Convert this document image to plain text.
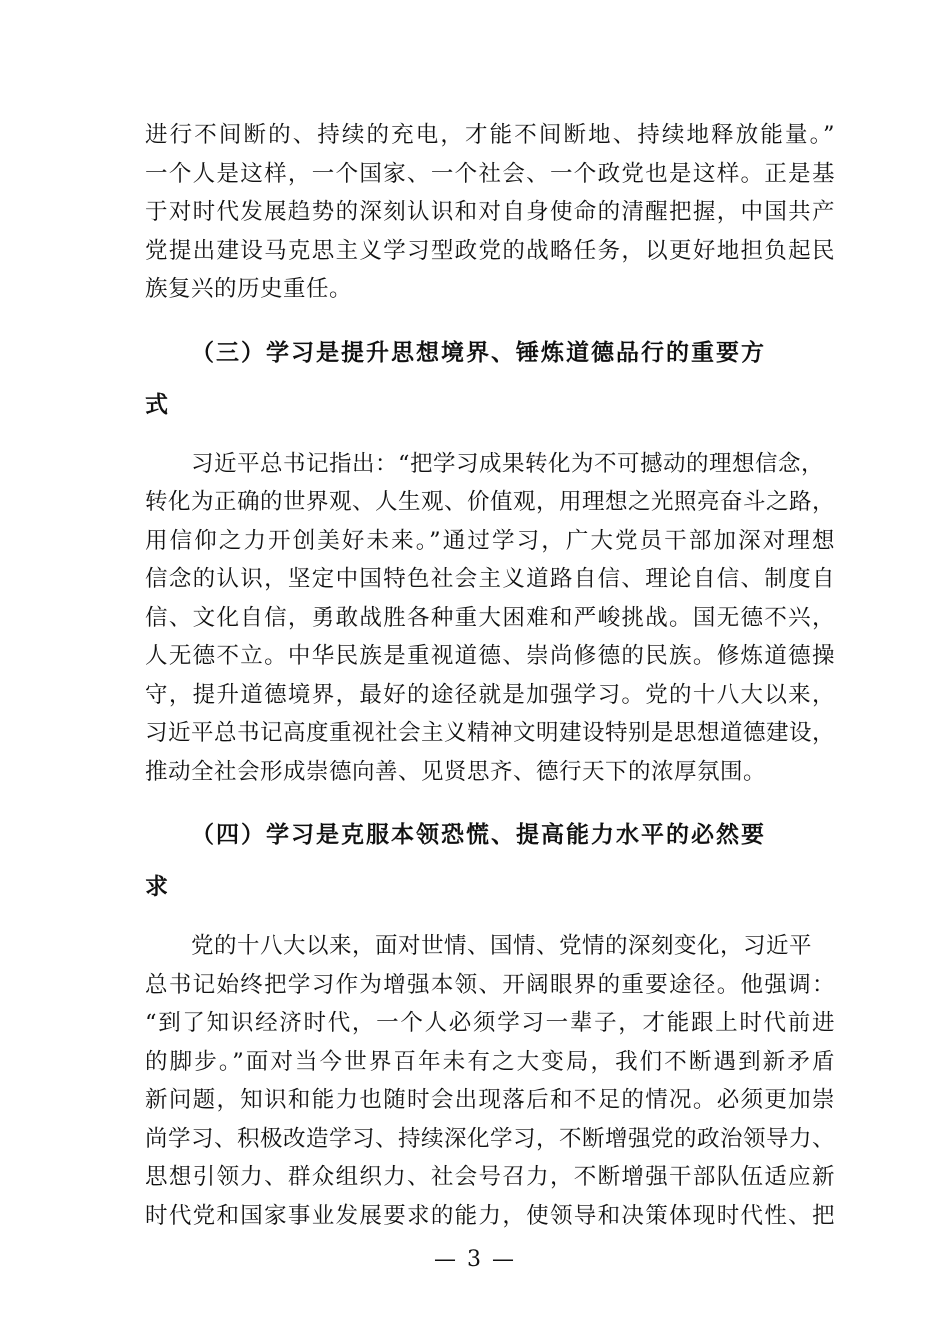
进行不间断的、持续的充电，才能不间断地、持续地释放能量。”
一个人是这样，一个国家、一个社会、一个政党也是这样。正是基
于对时代发展趋势的深刻认识和对自身使命的清醒把握，中国共产
党提出建设马克思主义学习型政党的战略任务，以更好地担负起民
族复兴的历史重任。
（三）学习是提升思想境界、锤炼道德品行的重要方
式
习近平总书记指出：“把学习成果转化为不可撼动的理想信念，
转化为正确的世界观、人生观、价值观，用理想之光照亮奋斗之路，
用信仰之力开创美好未来。”通过学习，广大党员干部加深对理想
信念的认识，坚定中国特色社会主义道路自信、理论自信、制度自
信、文化自信，勇敢战胜各种重大困难和严峻挑战。国无德不兴，
人无德不立。中华民族是重视道德、崇尚修德的民族。修炼道德操
守，提升道德境界，最好的途径就是加强学习。党的十八大以来，
习近平总书记高度重视社会主义精神文明建设特别是思想道德建设，
推动全社会形成崇德向善、见贤思齐、德行天下的浓厚氛围。
（四）学习是克服本领恐慌、提高能力水平的必然要
求
党的十八大以来，面对世情、国情、党情的深刻变化，习近平
总书记始终把学习作为增强本领、开阔眼界的重要途径。他强调：
“到了知识经济时代，一个人必须学习一辈子，才能跟上时代前进
的脚步。”面对当今世界百年未有之大变局，我们不断遇到新矛盾
新问题，知识和能力也随时会出现落后和不足的情况。必须更加崇
尚学习、积极改造学习、持续深化学习，不断增强党的政治领导力、
思想引领力、群众组织力、社会号召力，不断增强干部队伍适应新
时代党和国家事业发展要求的能力，使领导和决策体现时代性、把
— 3 —
